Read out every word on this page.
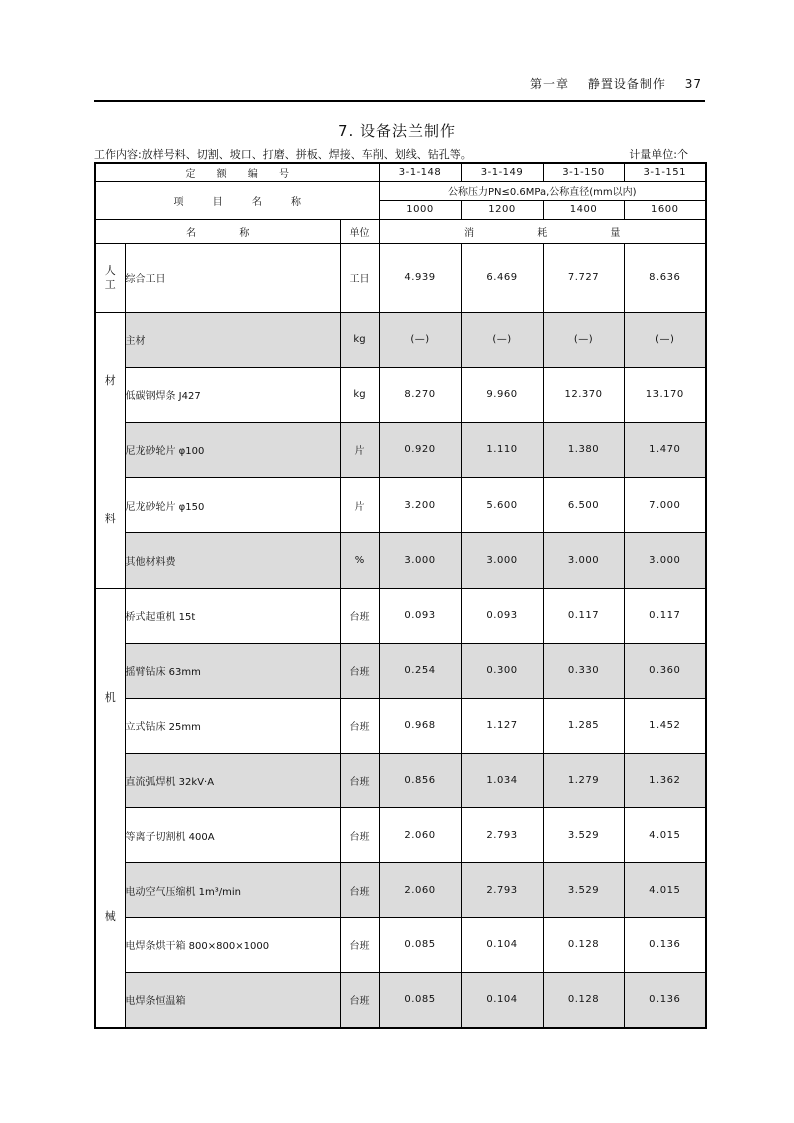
第一章 静置设备制作 37
7. 设备法兰制作
工作内容:放样号料、切割、坡口、打磨、拼板、焊接、车削、划线、钻孔等。	计量单位:个
定 额 编 号			3-1-148	3-1-149	3-1-150	3-1-151
项 目 名 称			公称压力PN≤0.6MPa,公称直径(mm以内)			
			1000	1200	1400	1600
名 称		单位	消 耗 量			

人
工	综合工日	工日	4.939	6.469	7.727	8.636

材
料	主材	kg	(—)	(—)	(—)	(—)
	低碳钢焊条 J427	kg	8.270	9.960	12.370	13.170
	尼龙砂轮片 φ100	片	0.920	1.110	1.380	1.470
	尼龙砂轮片 φ150	片	3.200	5.600	6.500	7.000
	其他材料费	%	3.000	3.000	3.000	3.000

机
械	桥式起重机 15t	台班	0.093	0.093	0.117	0.117
	摇臂钻床 63mm	台班	0.254	0.300	0.330	0.360
	立式钻床 25mm	台班	0.968	1.127	1.285	1.452
	直流弧焊机 32kV·A	台班	0.856	1.034	1.279	1.362
	等离子切割机 400A	台班	2.060	2.793	3.529	4.015
	电动空气压缩机 1m³/min	台班	2.060	2.793	3.529	4.015
	电焊条烘干箱 800×800×1000	台班	0.085	0.104	0.128	0.136
	电焊条恒温箱	台班	0.085	0.104	0.128	0.136
